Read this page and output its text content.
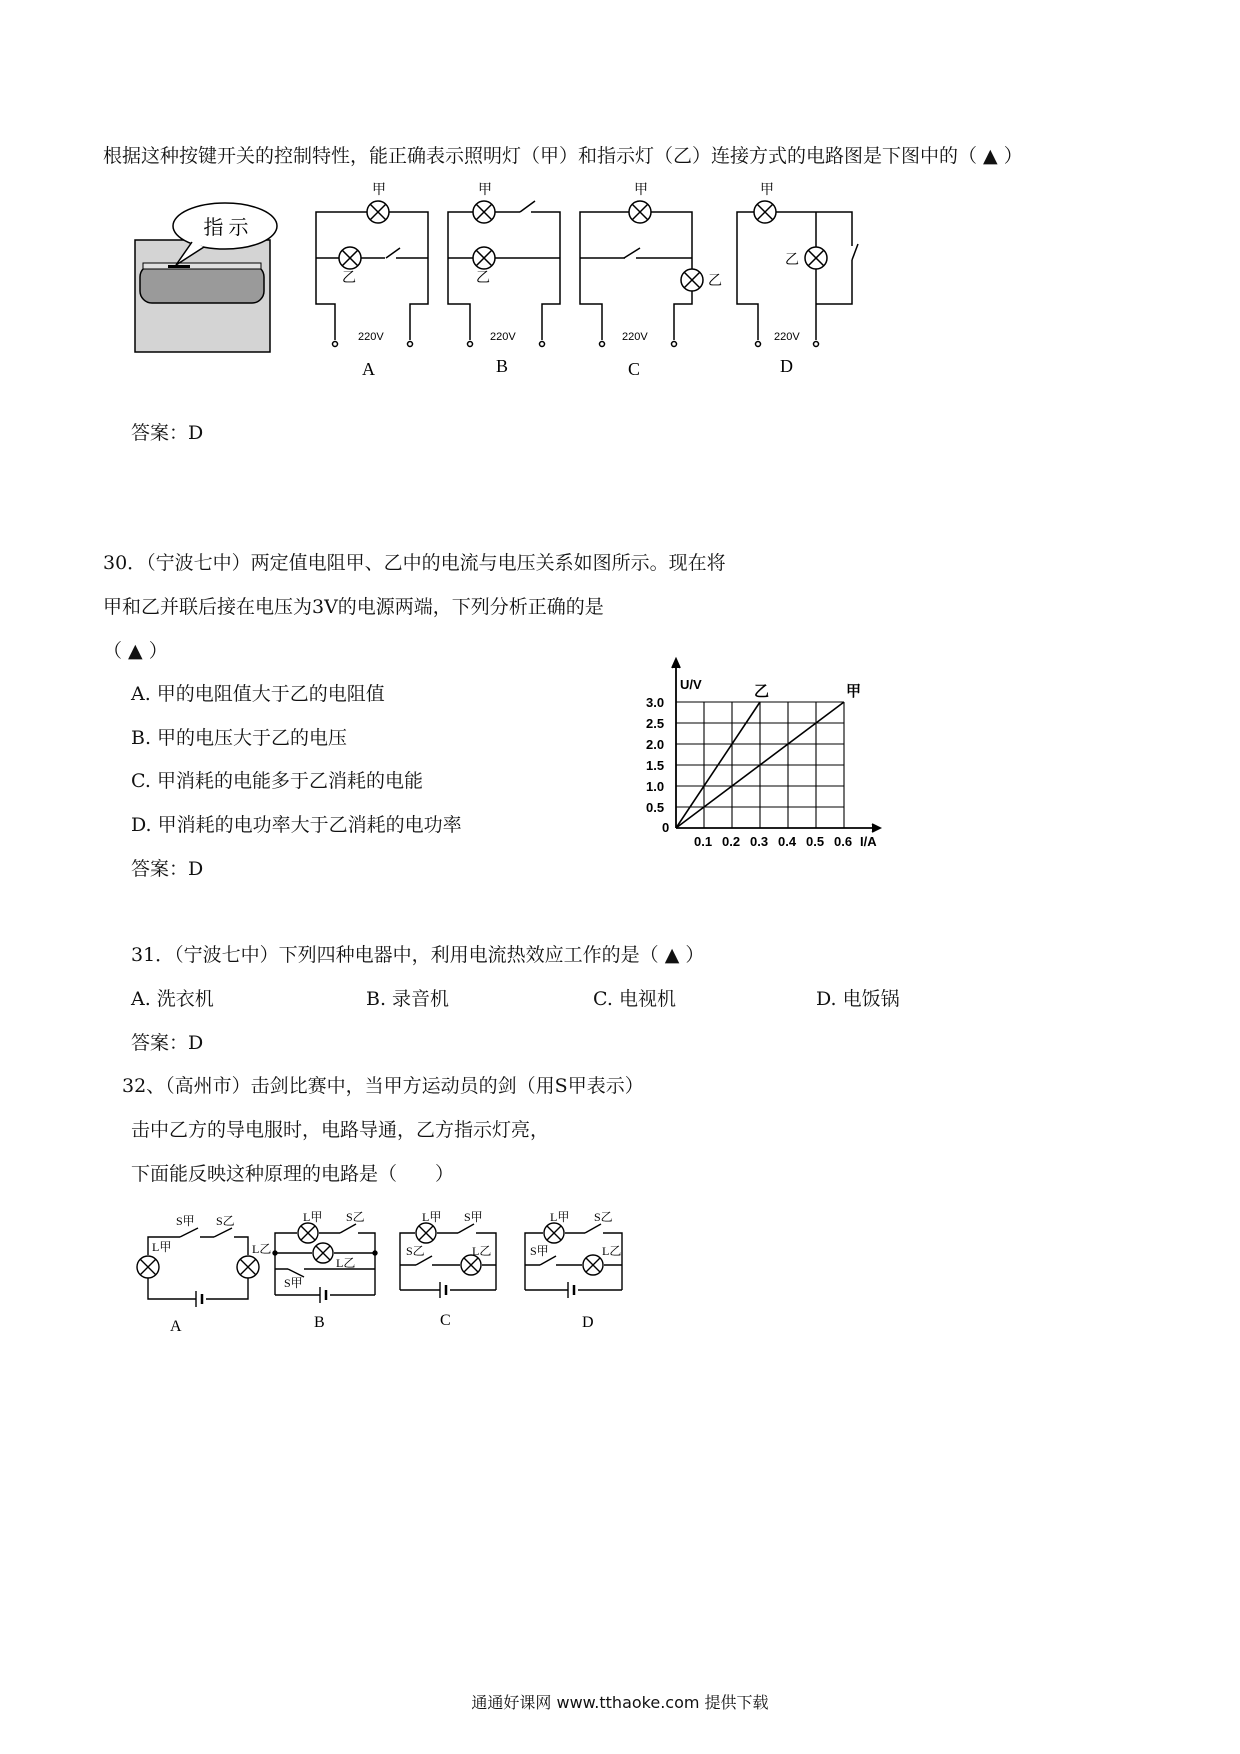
根据这种按键开关的控制特性，能正确表示照明灯（甲）和指示灯（乙）连接方式的电路图是下图中的（ ▲ ）
指 示
甲
乙
220V
A
甲
乙
220V
B
甲
乙
220V
C
甲
乙
220V
D
答案：D
30．（宁波七中）两定值电阻甲、乙中的电流与电压关系如图所示。现在将
甲和乙并联后接在电压为3V的电源两端，下列分析正确的是
（ ▲ ）
A. 甲的电阻值大于乙的电阻值
B. 甲的电压大于乙的电压
C. 甲消耗的电能多于乙消耗的电能
D. 甲消耗的电功率大于乙消耗的电功率
答案：D
乙	甲
0.1 0.2 0.3 0.4 0.5 0.6
0.5
1.0
1.5
2.0
2.5
3.0
0
I/A
U/V
31．（宁波七中）下列四种电器中，利用电流热效应工作的是（ ▲ ）
A. 洗衣机	B. 录音机	C. 电视机	D. 电饭锅
答案：D
32、（高州市）击剑比赛中，当甲方运动员的剑（用S甲表示）
击中乙方的导电服时，电路导通，乙方指示灯亮，
下面能反映这种原理的电路是（　　）
S甲 S乙
L甲	L乙
A
L甲 S乙
L乙
S甲
B
L甲 S甲
S乙	L乙
C
L甲 S乙
S甲	L乙
D
通通好课网 www.tthaoke.com 提供下载
